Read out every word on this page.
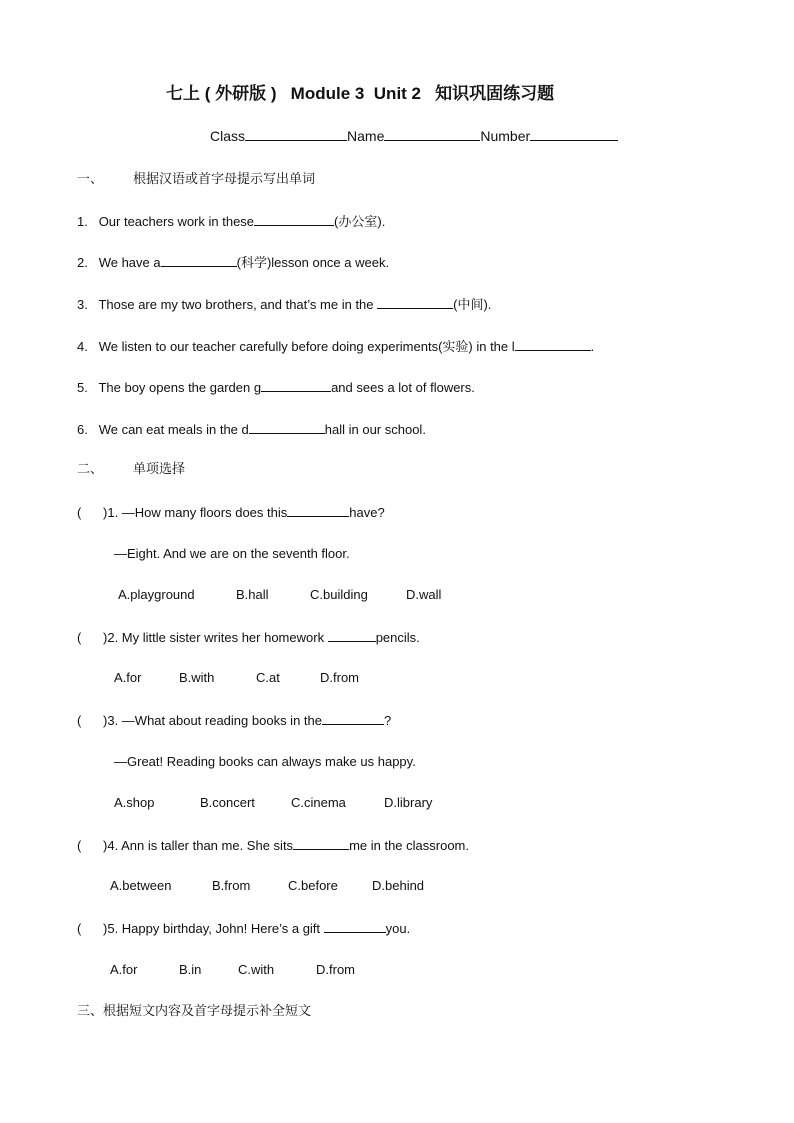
七上 ( 外研版 )   Module 3  Unit 2   知识巩固练习题
Class	Name	Number
一、 根据汉语或首字母提示写出单词
1. Our teachers work in these	(办公室).
2. We have a	(科学)lesson once a week.
3. Those are my two brothers, and that’s me in the	(中间).
4. We listen to our teacher carefully before doing experiments(实验) in the l	.
5. The boy opens the garden g	and sees a lot of flowers.
6. We can eat meals in the d	hall in our school.
二、 单项选择
(      )1. —How many floors does this	have?
—Eight. And we are on the seventh floor.
A.playground	B.hall	C.building	D.wall
(      )2. My little sister writes her homework	pencils.
A.for	B.with	C.at	D.from
(      )3. —What about reading books in the	?
—Great! Reading books can always make us happy.
A.shop	B.concert	C.cinema	D.library
(      )4. Ann is taller than me. She sits	me in the classroom.
A.between	B.from	C.before	D.behind
(      )5. Happy birthday, John! Here’s a gift	you.
A.for	B.in	C.with	D.from
三、根据短文内容及首字母提示补全短文
